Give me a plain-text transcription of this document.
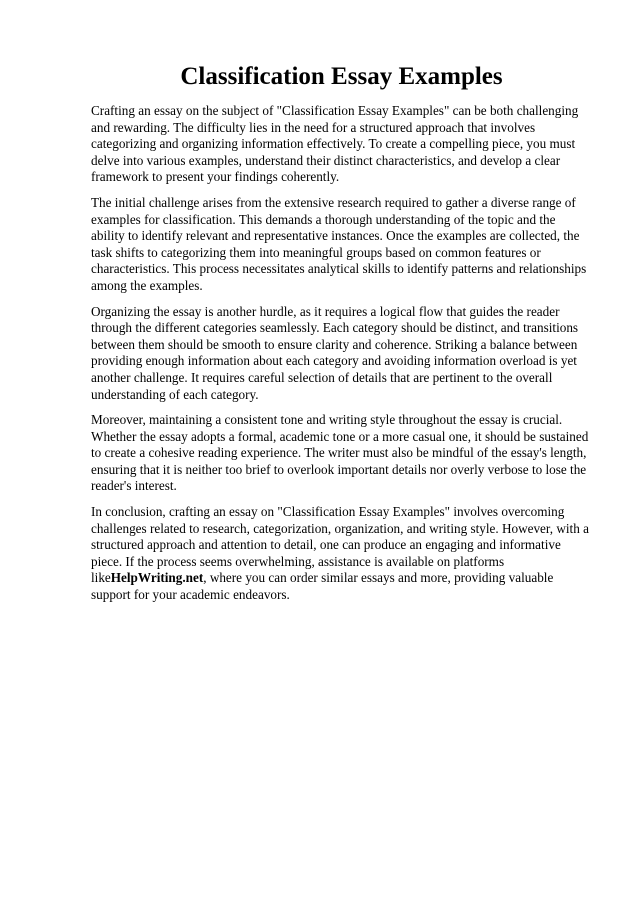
Classification Essay Examples

Crafting an essay on the subject of "Classification Essay Examples" can be both challenging and rewarding. The difficulty lies in the need for a structured approach that involves categorizing and organizing information effectively. To create a compelling piece, you must delve into various examples, understand their distinct characteristics, and develop a clear framework to present your findings coherently.

The initial challenge arises from the extensive research required to gather a diverse range of examples for classification. This demands a thorough understanding of the topic and the ability to identify relevant and representative instances. Once the examples are collected, the task shifts to categorizing them into meaningful groups based on common features or characteristics. This process necessitates analytical skills to identify patterns and relationships among the examples.

Organizing the essay is another hurdle, as it requires a logical flow that guides the reader through the different categories seamlessly. Each category should be distinct, and transitions between them should be smooth to ensure clarity and coherence. Striking a balance between providing enough information about each category and avoiding information overload is yet another challenge. It requires careful selection of details that are pertinent to the overall understanding of each category.

Moreover, maintaining a consistent tone and writing style throughout the essay is crucial. Whether the essay adopts a formal, academic tone or a more casual one, it should be sustained to create a cohesive reading experience. The writer must also be mindful of the essay's length, ensuring that it is neither too brief to overlook important details nor overly verbose to lose the reader's interest.

In conclusion, crafting an essay on "Classification Essay Examples" involves overcoming challenges related to research, categorization, organization, and writing style. However, with a structured approach and attention to detail, one can produce an engaging and informative piece. If the process seems overwhelming, assistance is available on platforms likeHelpWriting.net, where you can order similar essays and more, providing valuable support for your academic endeavors.
